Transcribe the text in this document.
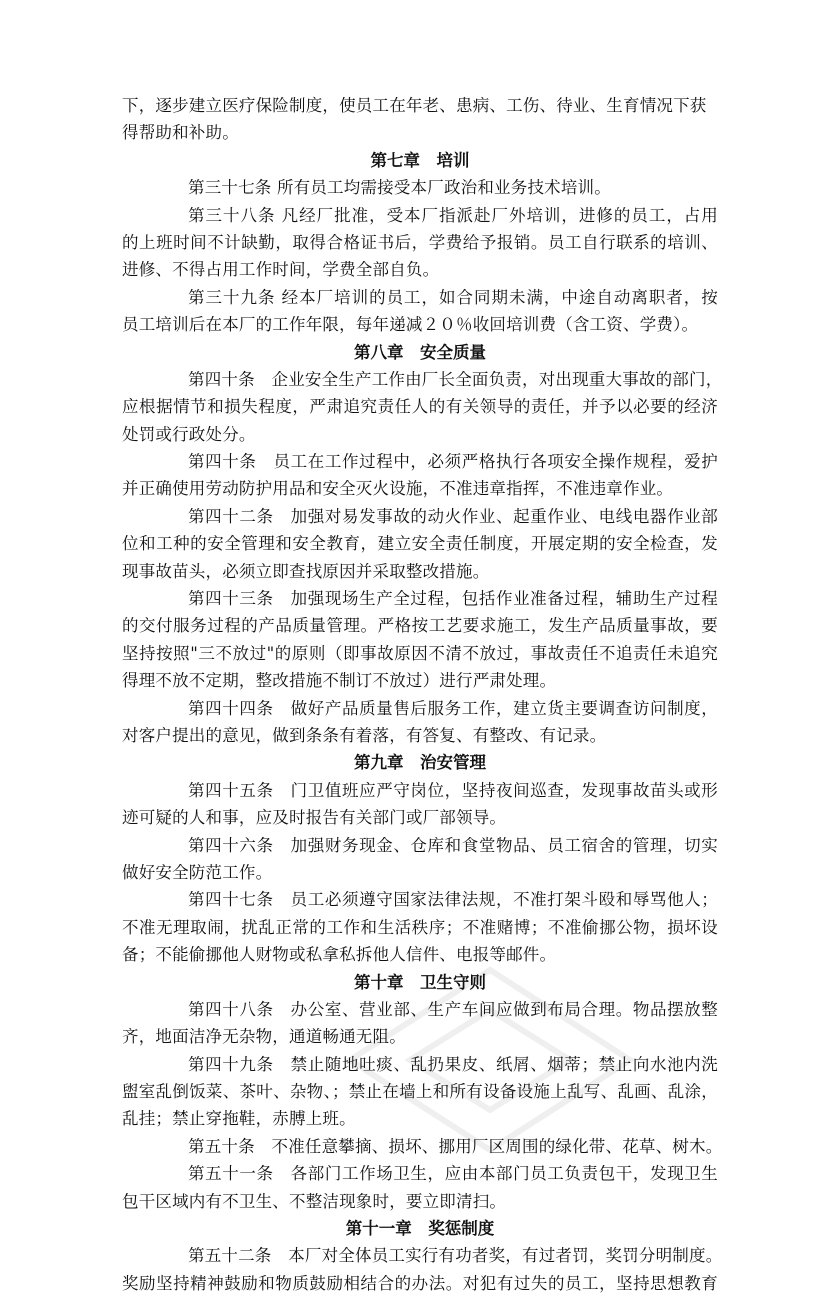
下，逐步建立医疗保险制度，使员工在年老、患病、工伤、待业、生育情况下获
得帮助和补助。
第七章　培训
第三十七条 所有员工均需接受本厂政治和业务技术培训。
第三十八条 凡经厂批准，受本厂指派赴厂外培训，进修的员工，占用
的上班时间不计缺勤，取得合格证书后，学费给予报销。员工自行联系的培训、
进修、不得占用工作时间，学费全部自负。
第三十九条 经本厂培训的员工，如合同期未满，中途自动离职者，按
员工培训后在本厂的工作年限，每年递减２０％收回培训费（含工资、学费）。
第八章　安全质量
第四十条　企业安全生产工作由厂长全面负责，对出现重大事故的部门，
应根据情节和损失程度，严肃追究责任人的有关领导的责任，并予以必要的经济
处罚或行政处分。
第四十条　员工在工作过程中，必须严格执行各项安全操作规程，爱护
并正确使用劳动防护用品和安全灭火设施，不准违章指挥，不准违章作业。
第四十二条　加强对易发事故的动火作业、起重作业、电线电器作业部
位和工种的安全管理和安全教育，建立安全责任制度，开展定期的安全检查，发
现事故苗头，必须立即查找原因并采取整改措施。
第四十三条　加强现场生产全过程，包括作业准备过程，辅助生产过程
的交付服务过程的产品质量管理。严格按工艺要求施工，发生产品质量事故，要
坚持按照"三不放过"的原则（即事故原因不清不放过，事故责任不追责任未追究
得理不放不定期，整改措施不制订不放过）进行严肃处理。
第四十四条　做好产品质量售后服务工作，建立货主要调查访问制度，
对客户提出的意见，做到条条有着落，有答复、有整改、有记录。
第九章　治安管理
第四十五条　门卫值班应严守岗位，坚持夜间巡查，发现事故苗头或形
迹可疑的人和事，应及时报告有关部门或厂部领导。
第四十六条　加强财务现金、仓库和食堂物品、员工宿舍的管理，切实
做好安全防范工作。
第四十七条　员工必须遵守国家法律法规，不准打架斗殴和辱骂他人；
不准无理取闹，扰乱正常的工作和生活秩序；不准赌博；不准偷挪公物，损坏设
备；不能偷挪他人财物或私拿私拆他人信件、电报等邮件。
第十章　卫生守则
第四十八条　办公室、营业部、生产车间应做到布局合理。物品摆放整
齐，地面洁净无杂物，通道畅通无阻。
第四十九条　禁止随地吐痰、乱扔果皮、纸屑、烟蒂；禁止向水池内洗
盥室乱倒饭菜、茶叶、杂物、；禁止在墙上和所有设备设施上乱写、乱画、乱涂，
乱挂；禁止穿拖鞋，赤膊上班。
第五十条　不准任意攀摘、损坏、挪用厂区周围的绿化带、花草、树木。
第五十一条　各部门工作场卫生，应由本部门员工负责包干，发现卫生
包干区域内有不卫生、不整洁现象时，要立即清扫。
第十一章　奖惩制度
第五十二条　本厂对全体员工实行有功者奖，有过者罚，奖罚分明制度。
奖励坚持精神鼓励和物质鼓励相结合的办法。对犯有过失的员工，坚持思想教育
